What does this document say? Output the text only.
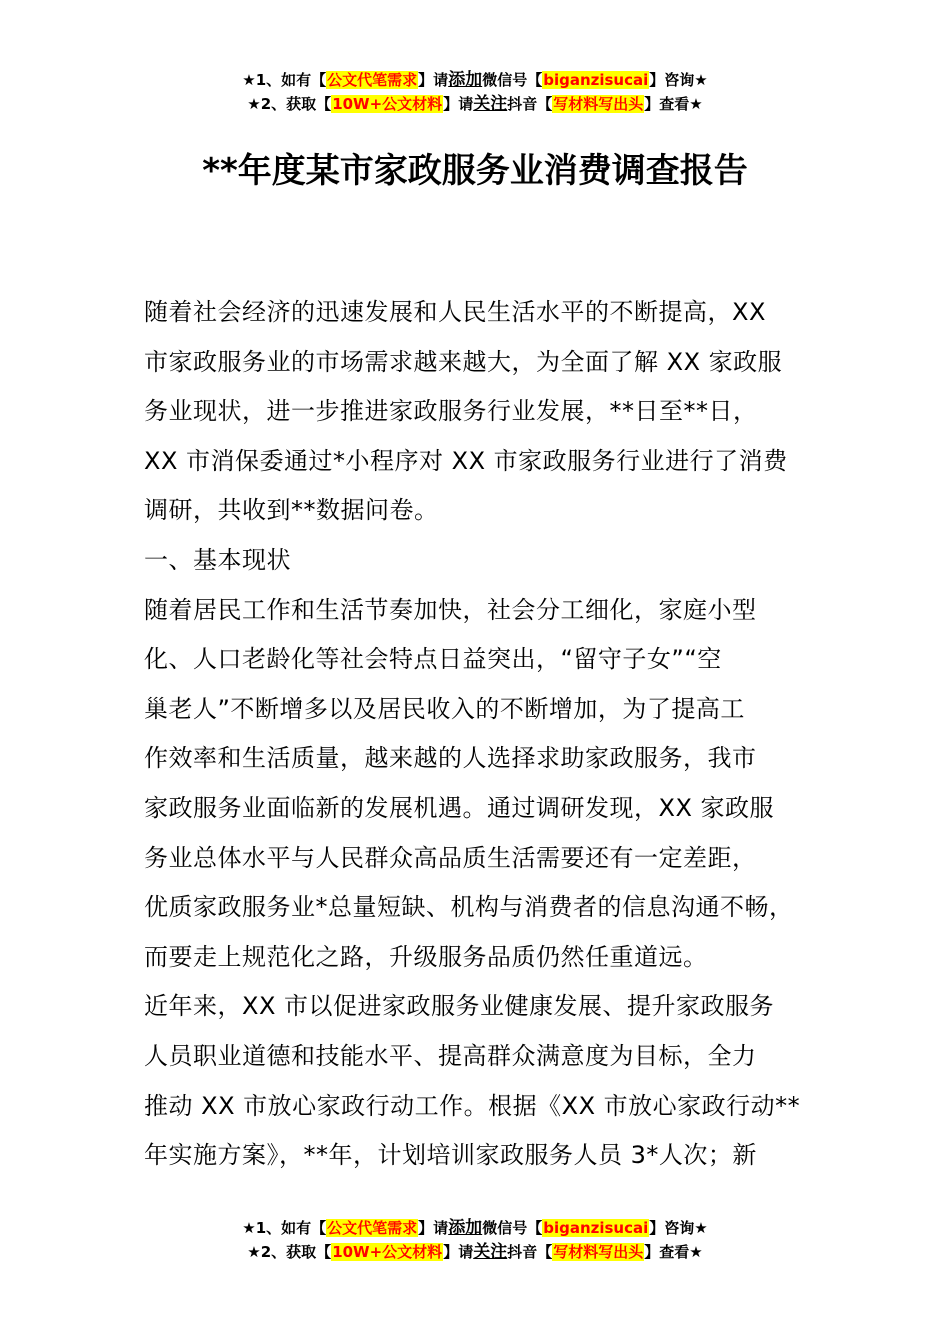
★1、如有【公文代笔需求】请添加微信号【biganzisucai】咨询★
★2、获取【10W+公文材料】请关注抖音【写材料写出头】查看★
**年度某市家政服务业消费调查报告

随着社会经济的迅速发展和人民生活水平的不断提高，XX

市家政服务业的市场需求越来越大，为全面了解 XX 家政服

务业现状，进一步推进家政服务行业发展，**日至**日，

XX 市消保委通过*小程序对 XX 市家政服务行业进行了消费

调研，共收到**数据问卷。

一、基本现状

随着居民工作和生活节奏加快，社会分工细化，家庭小型

化、人口老龄化等社会特点日益突出，“留守子女”“空

巢老人”不断增多以及居民收入的不断增加，为了提高工

作效率和生活质量，越来越的人选择求助家政服务，我市

家政服务业面临新的发展机遇。通过调研发现，XX 家政服

务业总体水平与人民群众高品质生活需要还有一定差距，

优质家政服务业*总量短缺、机构与消费者的信息沟通不畅，

而要走上规范化之路，升级服务品质仍然任重道远。

近年来，XX 市以促进家政服务业健康发展、提升家政服务

人员职业道德和技能水平、提高群众满意度为目标，全力

推动 XX 市放心家政行动工作。根据《XX 市放心家政行动**

年实施方案》，**年，计划培训家政服务人员 3*人次；新

★1、如有【公文代笔需求】请添加微信号【biganzisucai】咨询★
★2、获取【10W+公文材料】请关注抖音【写材料写出头】查看★
